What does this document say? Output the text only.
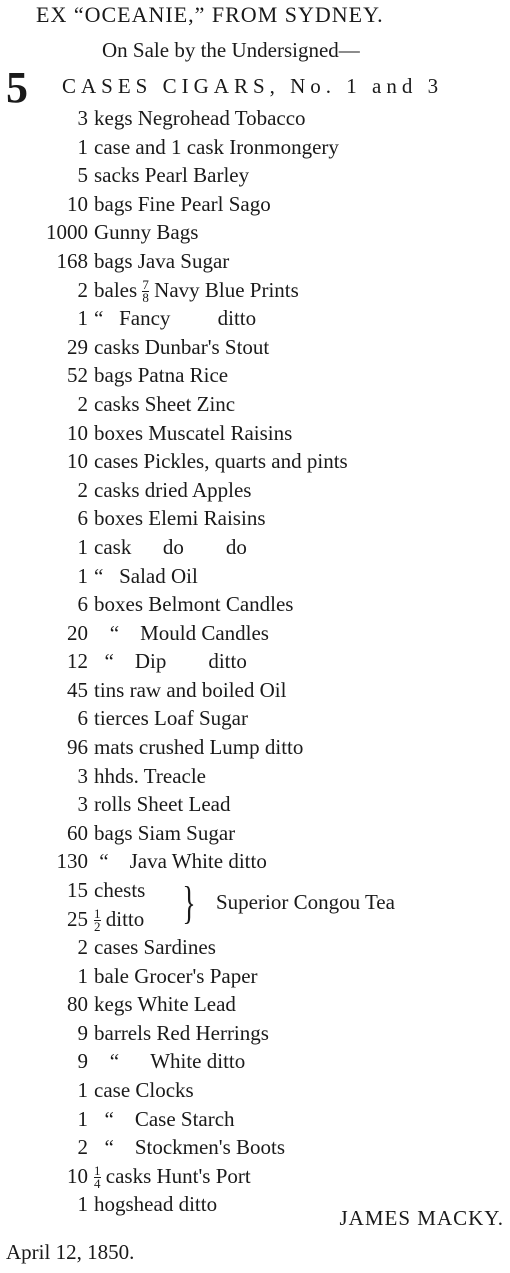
EX “OCEANIE,” FROM SYDNEY.
On Sale by the Undersigned—
5 CASES CIGARS, No. 1 and 3
3 kegs Negrohead Tobacco
1 case and 1 cask Ironmongery
5 sacks Pearl Barley
10 bags Fine Pearl Sago
1000 Gunny Bags
168 bags Java Sugar
2 bales $\frac{7}{8}$ Navy Blue Prints
1 “   Fancy         ditto
29 casks Dunbar's Stout
52 bags Patna Rice
2 casks Sheet Zinc
10 boxes Muscatel Raisins
10 cases Pickles, quarts and pints
2 casks dried Apples
6 boxes Elemi Raisins
1 cask      do        do
1 “   Salad Oil
6 boxes Belmont Candles
20   “    Mould Candles
12  “    Dip        ditto
45 tins raw and boiled Oil
6 tierces Loaf Sugar
96 mats crushed Lump ditto
3 hhds. Treacle
3 rolls Sheet Lead
60 bags Siam Sugar
130 “    Java White ditto
15 chests
$25 \frac{1}{2}$ ditto } Superior Congou Tea
2 cases Sardines
1 bale Grocer's Paper
80 kegs White Lead
9 barrels Red Herrings
9   “      White ditto
1 case Clocks
1  “    Case Starch
2  “    Stockmen's Boots
$10 \frac{1}{4}$ casks Hunt's Port
1 hogshead ditto
JAMES MACKY.
April 12, 1850.
